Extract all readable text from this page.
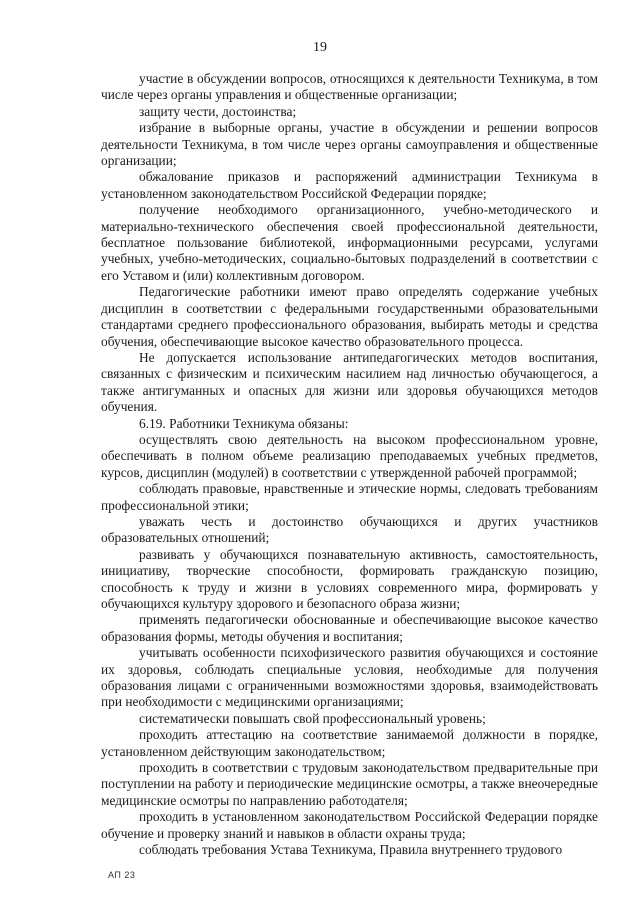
19

участие в обсуждении вопросов, относящихся к деятельности Техникума, в том числе через органы управления и общественные организации;

защиту чести, достоинства;

избрание в выборные органы, участие в обсуждении и решении вопросов деятельности Техникума, в том числе через органы самоуправления и общественные организации;

обжалование приказов и распоряжений администрации Техникума в установленном законодательством Российской Федерации порядке;

получение необходимого организационного, учебно-методического и материально-технического обеспечения своей профессиональной деятельности, бесплатное пользование библиотекой, информационными ресурсами, услугами учебных, учебно-методических, социально-бытовых подразделений в соответствии с его Уставом и (или) коллективным договором.

Педагогические работники имеют право определять содержание учебных дисциплин в соответствии с федеральными государственными образовательными стандартами среднего профессионального образования, выбирать методы и средства обучения, обеспечивающие высокое качество образовательного процесса.

Не допускается использование антипедагогических методов воспитания, связанных с физическим и психическим насилием над личностью обучающегося, а также антигуманных и опасных для жизни или здоровья обучающихся методов обучения.

6.19. Работники Техникума обязаны:

осуществлять свою деятельность на высоком профессиональном уровне, обеспечивать в полном объеме реализацию преподаваемых учебных предметов, курсов, дисциплин (модулей) в соответствии с утвержденной рабочей программой;

соблюдать правовые, нравственные и этические нормы, следовать требованиям профессиональной этики;

уважать честь и достоинство обучающихся и других участников образовательных отношений;

развивать у обучающихся познавательную активность, самостоятельность, инициативу, творческие способности, формировать гражданскую позицию, способность к труду и жизни в условиях современного мира, формировать у обучающихся культуру здорового и безопасного образа жизни;

применять педагогически обоснованные и обеспечивающие высокое качество образования формы, методы обучения и воспитания;

учитывать особенности психофизического развития обучающихся и состояние их здоровья, соблюдать специальные условия, необходимые для получения образования лицами с ограниченными возможностями здоровья, взаимодействовать при необходимости с медицинскими организациями;

систематически повышать свой профессиональный уровень;

проходить аттестацию на соответствие занимаемой должности в порядке, установленном действующим законодательством;

проходить в соответствии с трудовым законодательством предварительные при поступлении на работу и периодические медицинские осмотры, а также внеочередные медицинские осмотры по направлению работодателя;

проходить в установленном законодательством Российской Федерации порядке обучение и проверку знаний и навыков в области охраны труда;

соблюдать требования Устава Техникума, Правила внутреннего трудового

АП 23
